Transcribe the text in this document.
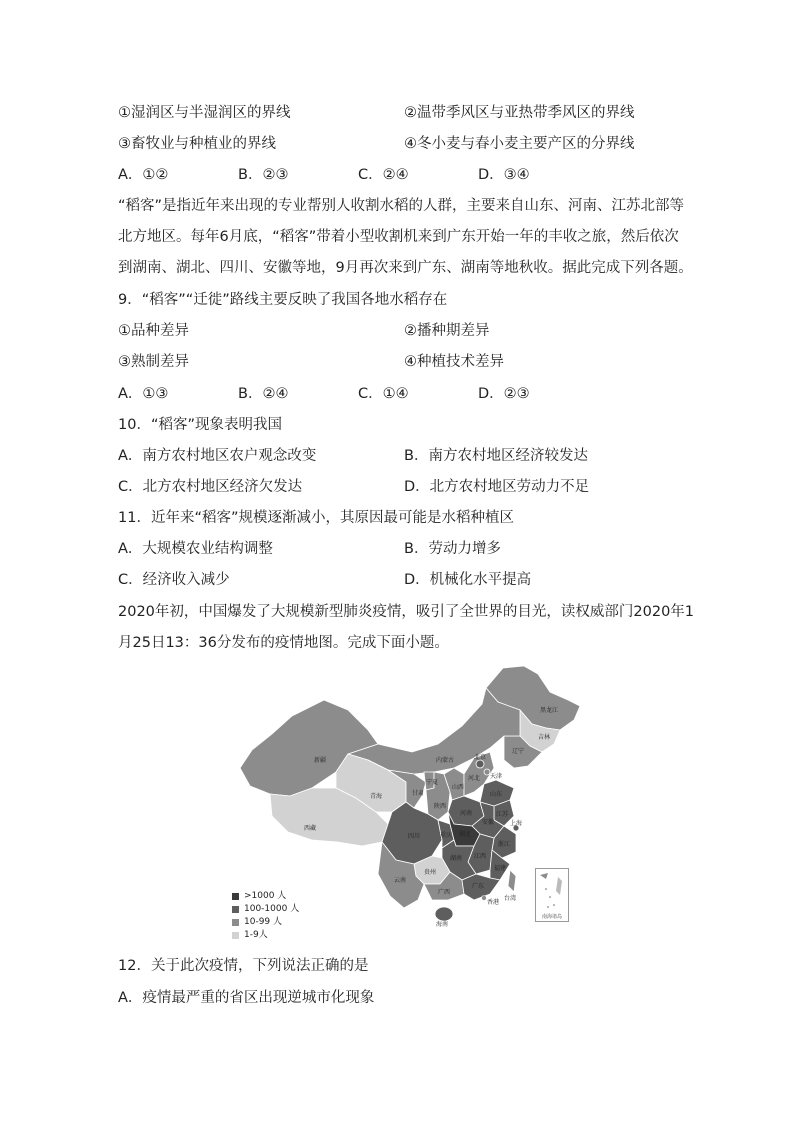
①湿润区与半湿润区的界线	②温带季风区与亚热带季风区的界线
③畜牧业与种植业的界线	④冬小麦与春小麦主要产区的分界线
A．①②	B．②③	C．②④	D．③④
“稻客”是指近年来出现的专业帮别人收割水稻的人群，主要来自山东、河南、江苏北部等
北方地区。每年6月底，“稻客”带着小型收割机来到广东开始一年的丰收之旅，然后依次
到湖南、湖北、四川、安徽等地，9月再次来到广东、湖南等地秋收。据此完成下列各题。
9．“稻客”“迁徙”路线主要反映了我国各地水稻存在
①品种差异	②播种期差异
③熟制差异	④种植技术差异
A．①③	B．②④	C．①④	D．②③
10．“稻客”现象表明我国
A．南方农村地区农户观念改变	B．南方农村地区经济较发达
C．北方农村地区经济欠发达	D．北方农村地区劳动力不足
11．近年来“稻客”规模逐渐减小，其原因最可能是水稻种植区
A．大规模农业结构调整	B．劳动力增多
C．经济收入减少	D．机械化水平提高
2020年初，中国爆发了大规模新型肺炎疫情，吸引了全世界的目光，读权威部门2020年1
月25日13：36分发布的疫情地图。完成下面小题。
黑龙江
吉林
辽宁
内蒙古
新疆
西藏
青海	甘肃
宁夏
山西
河北
北京
天津
陕西
河南
山东
四川	重庆 湖北
安徽
江苏
上海
浙江
江西
湖南
福建
贵州
云南
广西
广东
香港
台湾
海南
南海诸岛
>1000 人
100-1000 人
10-99 人
1-9人
12．关于此次疫情，下列说法正确的是
A．疫情最严重的省区出现逆城市化现象
